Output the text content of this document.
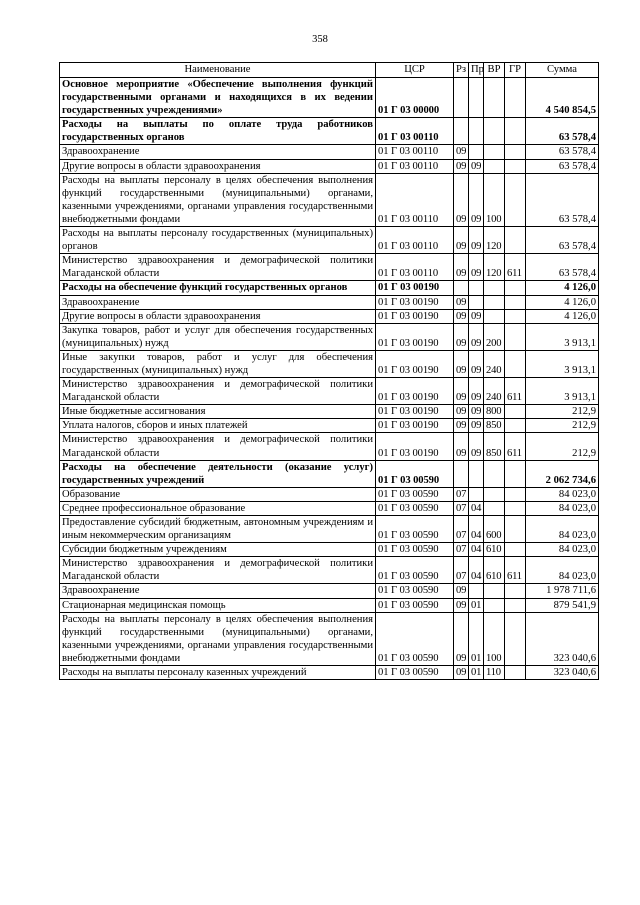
358
Наименование	ЦСР	Рз	Пр	ВР	ГР	Сумма
Основное мероприятие «Обеспечение выполнения функций государственными органами и находящихся в их ведении государственных учреждениями»	01 Г 03 00000					4 540 854,5
Расходы на выплаты по оплате труда работников государственных органов	01 Г 03 00110					63 578,4
Здравоохранение	01 Г 03 00110	09				63 578,4
Другие вопросы в области здравоохранения	01 Г 03 00110	09	09			63 578,4
Расходы на выплаты персоналу в целях обеспечения выполнения функций государственными (муниципальными) органами, казенными учреждениями, органами управления государственными внебюджетными фондами	01 Г 03 00110	09	09	100		63 578,4
Расходы на выплаты персоналу государственных (муниципальных) органов	01 Г 03 00110	09	09	120		63 578,4
Министерство здравоохранения и демографической политики Магаданской области	01 Г 03 00110	09	09	120	611	63 578,4
Расходы на обеспечение функций государственных органов	01 Г 03 00190					4 126,0
Здравоохранение	01 Г 03 00190	09				4 126,0
Другие вопросы в области здравоохранения	01 Г 03 00190	09	09			4 126,0
Закупка товаров, работ и услуг для обеспечения государственных (муниципальных) нужд	01 Г 03 00190	09	09	200		3 913,1
Иные закупки товаров, работ и услуг для обеспечения государственных (муниципальных) нужд	01 Г 03 00190	09	09	240		3 913,1
Министерство здравоохранения и демографической политики Магаданской области	01 Г 03 00190	09	09	240	611	3 913,1
Иные бюджетные ассигнования	01 Г 03 00190	09	09	800		212,9
Уплата налогов, сборов и иных платежей	01 Г 03 00190	09	09	850		212,9
Министерство здравоохранения и демографической политики Магаданской области	01 Г 03 00190	09	09	850	611	212,9
Расходы на обеспечение деятельности (оказание услуг) государственных учреждений	01 Г 03 00590					2 062 734,6
Образование	01 Г 03 00590	07				84 023,0
Среднее профессиональное образование	01 Г 03 00590	07	04			84 023,0
Предоставление субсидий бюджетным, автономным учреждениям и иным некоммерческим организациям	01 Г 03 00590	07	04	600		84 023,0
Субсидии бюджетным учреждениям	01 Г 03 00590	07	04	610		84 023,0
Министерство здравоохранения и демографической политики Магаданской области	01 Г 03 00590	07	04	610	611	84 023,0
Здравоохранение	01 Г 03 00590	09				1 978 711,6
Стационарная медицинская помощь	01 Г 03 00590	09	01			879 541,9
Расходы на выплаты персоналу в целях обеспечения выполнения функций государственными (муниципальными) органами, казенными учреждениями, органами управления государственными внебюджетными фондами	01 Г 03 00590	09	01	100		323 040,6
Расходы на выплаты персоналу казенных учреждений	01 Г 03 00590	09	01	110		323 040,6
